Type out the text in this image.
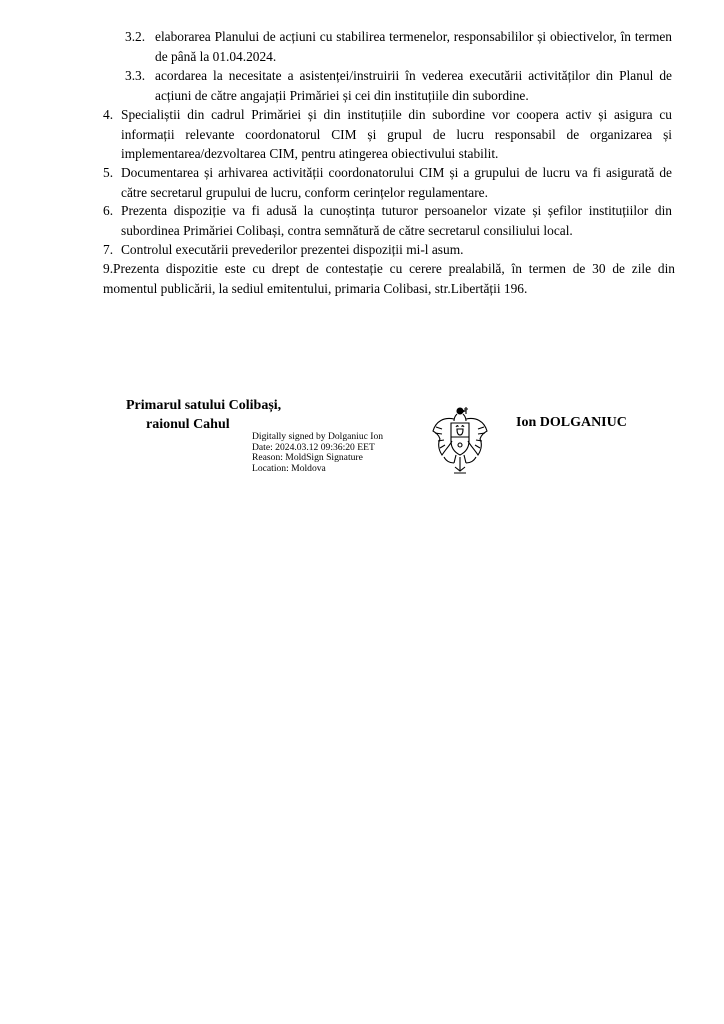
3.2. elaborarea Planului de acțiuni cu stabilirea termenelor, responsabililor și obiectivelor, în termen de până la 01.04.2024.
3.3. acordarea la necesitate a asistenței/instruirii în vederea executării activităților din Planul de acțiuni de către angajații Primăriei și cei din instituțiile din subordine.
4. Specialiștii din cadrul Primăriei și din instituțiile din subordine vor coopera activ și asigura cu informații relevante coordonatorul CIM și grupul de lucru responsabil de organizarea și implementarea/dezvoltarea CIM, pentru atingerea obiectivului stabilit.
5. Documentarea și arhivarea activității coordonatorului CIM și a grupului de lucru va fi asigurată de către secretarul grupului de lucru, conform cerințelor regulamentare.
6. Prezenta dispoziție va fi adusă la cunoștința tuturor persoanelor vizate și șefilor instituțiilor din subordinea Primăriei Colibași, contra semnătură de către secretarul consiliului local.
7. Controlul executării prevederilor prezentei dispoziții mi-l asum.
9.Prezenta dispozitie este cu drept de contestație cu cerere prealabilă, în termen de 30 de zile din momentul publicării, la sediul emitentului, primaria Colibasi, str.Libertății 196.
Primarul satului Colibași,
raionul Cahul
Digitally signed by Dolganiuc Ion
Date: 2024.03.12 09:36:20 EET
Reason: MoldSign Signature
Location: Moldova
Ion DOLGANIUC
